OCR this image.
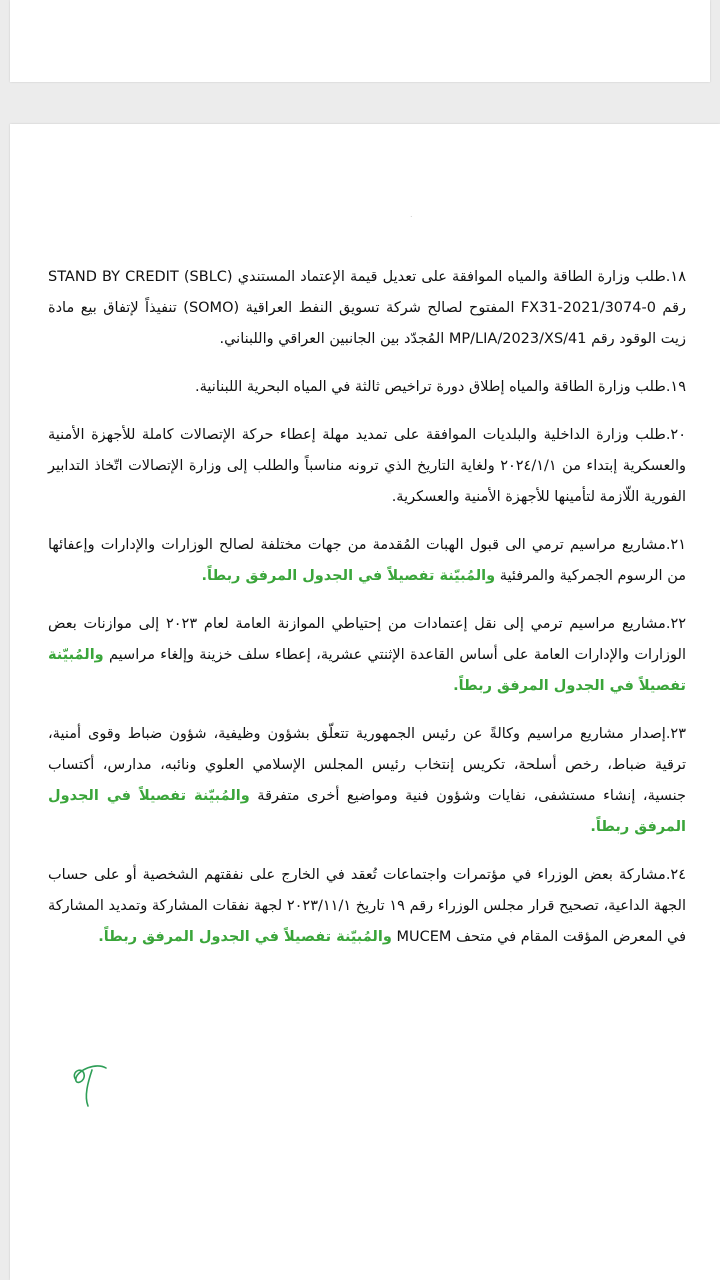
.

١٨.طلب وزارة الطاقة والمياه الموافقة على تعديل قيمة الإعتماد المستندي STAND BY CREDIT (SBLC) رقم FX31-2021/3074-0 المفتوح لصالح شركة تسويق النفط العراقية (SOMO) تنفيذاً لإتفاق بيع مادة زيت الوقود رقم MP/LIA/2023/XS/41 المُجدّد بين الجانبين العراقي واللبناني.

١٩.طلب وزارة الطاقة والمياه إطلاق دورة تراخيص ثالثة في المياه البحرية اللبنانية.

٢٠.طلب وزارة الداخلية والبلديات الموافقة على تمديد مهلة إعطاء حركة الإتصالات كاملة للأجهزة الأمنية والعسكرية إبتداء من ٢٠٢٤/١/١ ولغاية التاريخ الذي ترونه مناسباً والطلب إلى وزارة الإتصالات اتّخاذ التدابير الفورية اللّازمة لتأمينها للأجهزة الأمنية والعسكرية.

٢١.مشاريع مراسيم ترمي الى قبول الهبات المُقدمة من جهات مختلفة لصالح الوزارات والإدارات وإعفائها من الرسوم الجمركية والمرفئية والمُبيّنة تفصيلاً في الجدول المرفق ربطاً.

٢٢.مشاريع مراسيم ترمي إلى نقل إعتمادات من إحتياطي الموازنة العامة لعام ٢٠٢٣ إلى موازنات بعض الوزارات والإدارات العامة على أساس القاعدة الإثنتي عشرية، إعطاء سلف خزينة وإلغاء مراسيم والمُبيّنة تفصيلاً في الجدول المرفق ربطاً.

٢٣.إصدار مشاريع مراسيم وكالةً عن رئيس الجمهورية تتعلّق بشؤون وظيفية، شؤون ضباط وقوى أمنية، ترقية ضباط، رخص أسلحة، تكريس إنتخاب رئيس المجلس الإسلامي العلوي ونائبه، مدارس، أكتساب جنسية، إنشاء مستشفى، نفايات وشؤون فنية ومواضيع أخرى متفرقة والمُبيّنة تفصيلاً في الجدول المرفق ربطاً.

٢٤.مشاركة بعض الوزراء في مؤتمرات واجتماعات تُعقد في الخارج على نفقتهم الشخصية أو على حساب الجهة الداعية، تصحيح قرار مجلس الوزراء رقم ١٩ تاريخ ٢٠٢٣/١١/١ لجهة نفقات المشاركة وتمديد المشاركة في المعرض المؤقت المقام في متحف MUCEM والمُبيّنة تفصيلاً في الجدول المرفق ربطاً.
